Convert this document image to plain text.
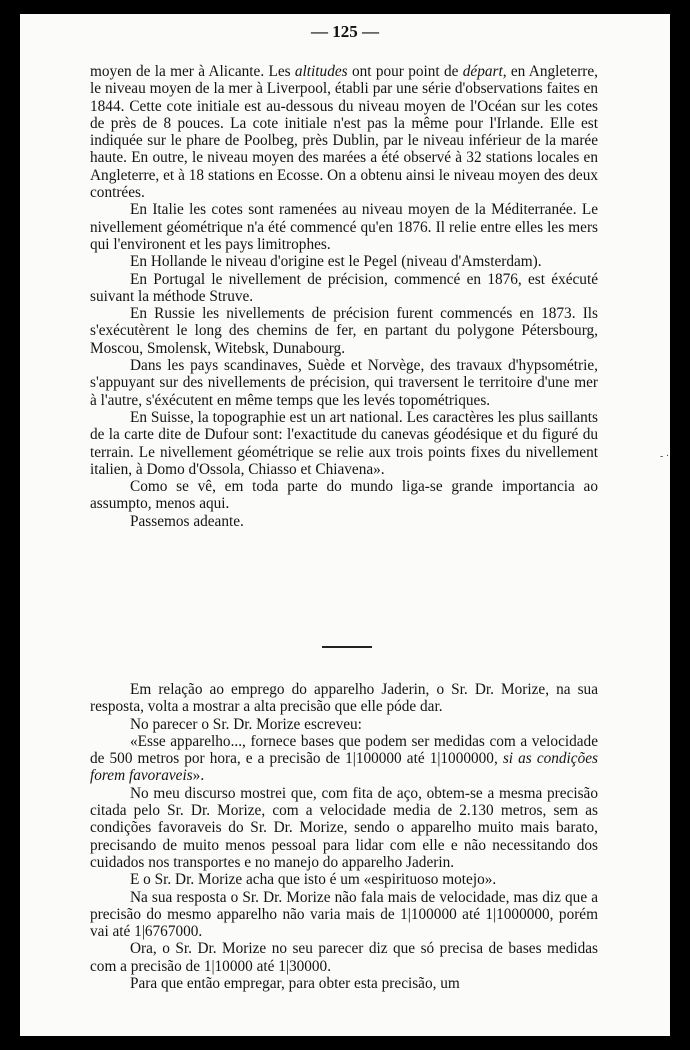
— 125 —

moyen de la mer à Alicante. Les altitudes ont pour point de départ, en Angleterre, le niveau moyen de la mer à Liverpool, établi par une série d'observations faites en 1844. Cette cote initiale est au-dessous du niveau moyen de l'Océan sur les cotes de près de 8 pouces. La cote initiale n'est pas la même pour l'Irlande. Elle est indiquée sur le phare de Poolbeg, près Dublin, par le niveau inférieur de la marée haute. En outre, le niveau moyen des marées a été observé à 32 stations locales en Angleterre, et à 18 stations en Ecosse. On a obtenu ainsi le niveau moyen des deux contrées.

En Italie les cotes sont ramenées au niveau moyen de la Méditerranée. Le nivellement géométrique n'a été commencé qu'en 1876. Il relie entre elles les mers qui l'environent et les pays limitrophes.

En Hollande le niveau d'origine est le Pegel (niveau d'Amsterdam).

En Portugal le nivellement de précision, commencé en 1876, est éxécuté suivant la méthode Struve.

En Russie les nivellements de précision furent commencés en 1873. Ils s'exécutèrent le long des chemins de fer, en partant du polygone Pétersbourg, Moscou, Smolensk, Witebsk, Dunabourg.

Dans les pays scandinaves, Suède et Norvège, des travaux d'hypsométrie, s'appuyant sur des nivellements de précision, qui traversent le territoire d'une mer à l'autre, s'éxécutent en même temps que les levés topométriques.

En Suisse, la topographie est un art national. Les caractères les plus saillants de la carte dite de Dufour sont: l'exactitude du canevas géodésique et du figuré du terrain. Le nivellement géométrique se relie aux trois points fixes du nivellement italien, à Domo d'Ossola, Chiasso et Chiavena».

Como se vê, em toda parte do mundo liga-se grande importancia ao assumpto, menos aqui.

Passemos adeante.

Em relação ao emprego do apparelho Jaderin, o Sr. Dr. Morize, na sua resposta, volta a mostrar a alta precisão que elle póde dar.

No parecer o Sr. Dr. Morize escreveu:

«Esse apparelho..., fornece bases que podem ser medidas com a velocidade de 500 metros por hora, e a precisão de 1|100000 até 1|1000000, si as condições forem favoraveis».

No meu discurso mostrei que, com fita de aço, obtem-se a mesma precisão citada pelo Sr. Dr. Morize, com a velocidade media de 2.130 metros, sem as condições favoraveis do Sr. Dr. Morize, sendo o apparelho muito mais barato, precisando de muito menos pessoal para lidar com elle e não necessitando dos cuidados nos transportes e no manejo do apparelho Jaderin.

E o Sr. Dr. Morize acha que isto é um «espirituoso motejo».

Na sua resposta o Sr. Dr. Morize não fala mais de velocidade, mas diz que a precisão do mesmo apparelho não varia mais de 1|100000 até 1|1000000, porém vai até 1|6767000.

Ora, o Sr. Dr. Morize no seu parecer diz que só precisa de bases medidas com a precisão de 1|10000 até 1|30000.

Para que então empregar, para obter esta precisão, um

- ·
